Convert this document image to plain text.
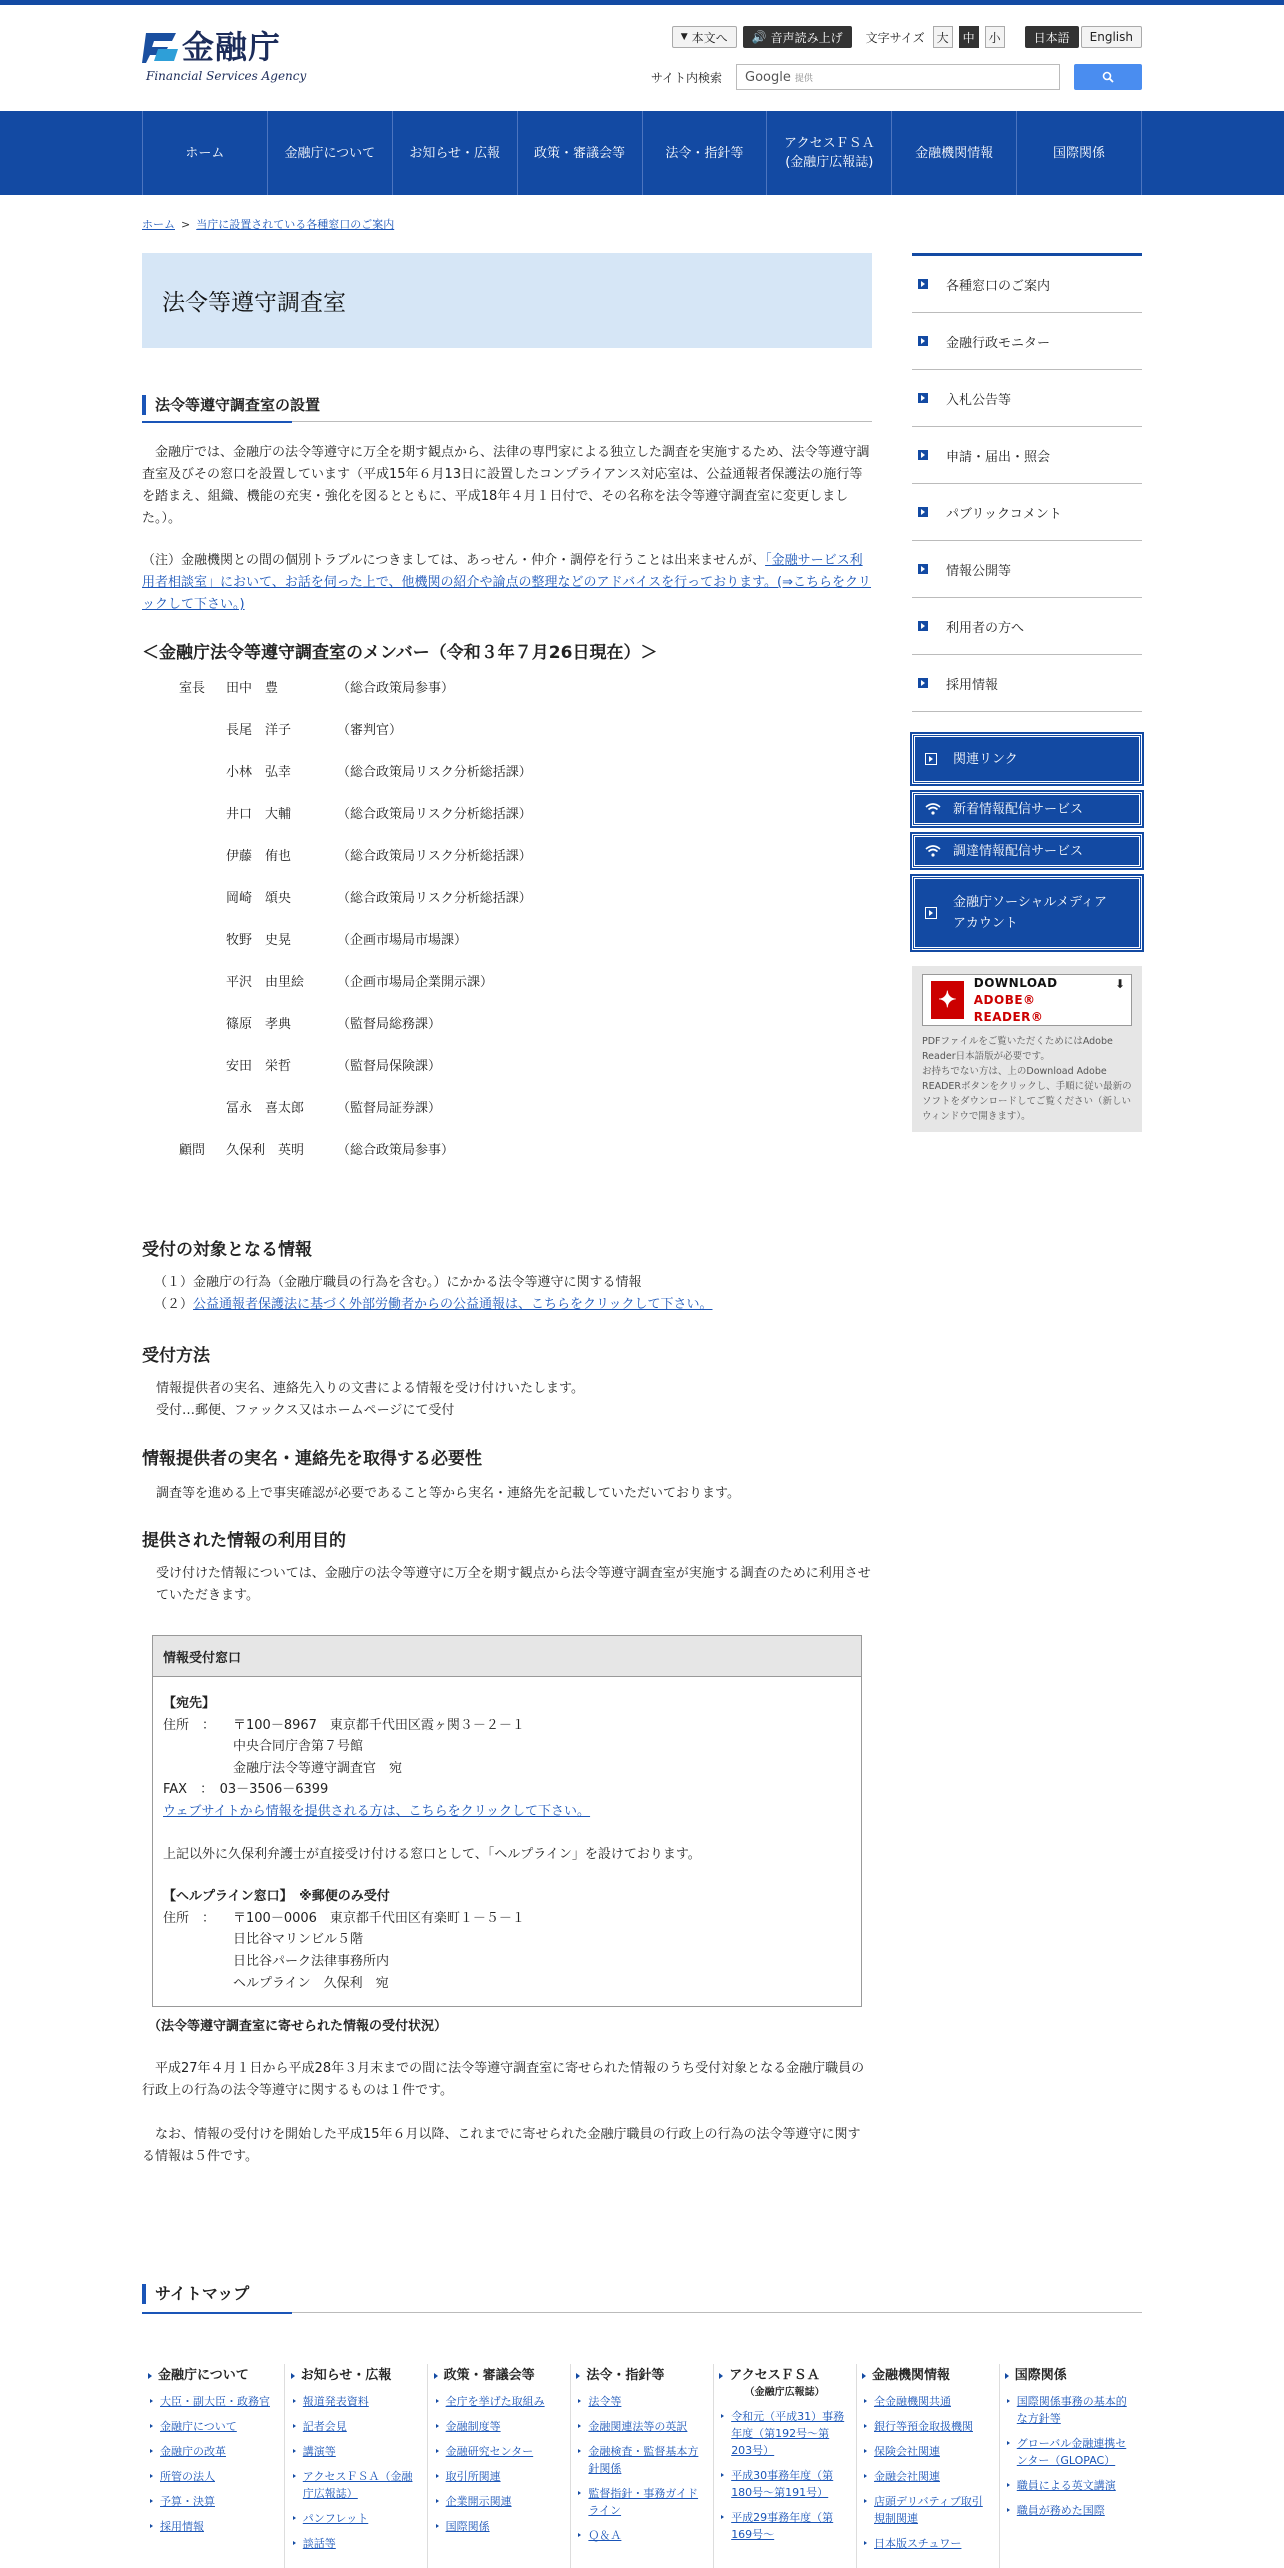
金融庁
Financial Services Agency
▼ 本文へ 🔊 音声読み上げ 文字サイズ 大	中	小	日本語	English
サイト内検索 Google 提供
ホーム	金融庁について	お知らせ・広報	政策・審議会等	法令・指針等
アクセスＦＳＡ
(金融庁広報誌)
金融機関情報	国際関係
ホーム > 当庁に設置されている各種窓口のご案内
法令等遵守調査室
法令等遵守調査室の設置

金融庁では、金融庁の法令等遵守に万全を期す観点から、法律の専門家による独立した調査を実施するため、法令等遵守調査室及びその窓口を設置しています（平成15年６月13日に設置したコンプライアンス対応室は、公益通報者保護法の施行等を踏まえ、組織、機能の充実・強化を図るとともに、平成18年４月１日付で、その名称を法令等遵守調査室に変更しました。）。

（注）金融機関との間の個別トラブルにつきましては、あっせん・仲介・調停を行うことは出来ませんが、「金融サービス利用者相談室」において、お話を伺った上で、他機関の紹介や論点の整理などのアドバイスを行っております。(⇒こちらをクリックして下さい。)

＜金融庁法令等遵守調査室のメンバー（令和３年７月26日現在）＞
室長 田中　豊	（総合政策局参事）
長尾　洋子	（審判官）
小林　弘幸	（総合政策局リスク分析総括課）
井口　大輔	（総合政策局リスク分析総括課）
伊藤　侑也	（総合政策局リスク分析総括課）
岡崎　頌央	（総合政策局リスク分析総括課）
牧野　史晃	（企画市場局市場課）
平沢　由里絵	（企画市場局企業開示課）
篠原　孝典	（監督局総務課）
安田　栄哲	（監督局保険課）
冨永　喜太郎	（監督局証券課）
顧問 久保利　英明	（総合政策局参事）
受付の対象となる情報
（１）金融庁の行為（金融庁職員の行為を含む。）にかかる法令等遵守に関する情報
（２）公益通報者保護法に基づく外部労働者からの公益通報は、こちらをクリックして下さい。
受付方法
情報提供者の実名、連絡先入りの文書による情報を受け付けいたします。
受付…郵便、ファックス又はホームページにて受付
情報提供者の実名・連絡先を取得する必要性
調査等を進める上で事実確認が必要であること等から実名・連絡先を記載していただいております。
提供された情報の利用目的
受け付けた情報については、金融庁の法令等遵守に万全を期す観点から法令等遵守調査室が実施する調査のために利用させていただきます。
情報受付窓口
【宛先】
住所　：	〒100－8967　東京都千代田区霞ヶ関３－２－１
中央合同庁舎第７号館
金融庁法令等遵守調査官　宛
FAX　：　03－3506－6399
ウェブサイトから情報を提供される方は、こちらをクリックして下さい。
上記以外に久保利弁護士が直接受け付ける窓口として、「ヘルプライン」を設けております。
【ヘルプライン窓口】　※郵便のみ受付
住所　：	〒100－0006　東京都千代田区有楽町１－５－１
日比谷マリンビル５階
日比谷パーク法律事務所内
ヘルプライン　久保利　宛
（法令等遵守調査室に寄せられた情報の受付状況）

平成27年４月１日から平成28年３月末までの間に法令等遵守調査室に寄せられた情報のうち受付対象となる金融庁職員の行政上の行為の法令等遵守に関するものは１件です。

なお、情報の受付けを開始した平成15年６月以降、これまでに寄せられた金融庁職員の行政上の行為の法令等遵守に関する情報は５件です。

各種窓口のご案内
金融行政モニター
入札公告等
申請・届出・照会
パブリックコメント
情報公開等
利用者の方へ
採用情報
関連リンク
新着情報配信サービス
調達情報配信サービス
金融庁ソーシャルメディア
アカウント
✦
DOWNLOAD
ADOBE® READER®
⬇

PDFファイルをご覧いただくためにはAdobe Reader日本語版が必要です。
お持ちでない方は、上のDownload Adobe READERボタンをクリックし、手順に従い最新のソフトをダウンロードしてご覧ください（新しいウィンドウで開きます）。

サイトマップ
金融庁について
大臣・副大臣・政務官
金融庁について
金融庁の改革
所管の法人
予算・決算
採用情報
お知らせ・広報
報道発表資料
記者会見
講演等
アクセスＦＳＡ（金融庁広報誌）
パンフレット
談話等
政策・審議会等
全庁を挙げた取組み
金融制度等
金融研究センター
取引所関連
企業開示関連
国際関係
法令・指針等
法令等
金融関連法等の英訳
金融検査・監督基本方針関係
監督指針・事務ガイドライン
Ｑ＆Ａ
アクセスＦＳＡ
（金融庁広報誌）
令和元（平成31）事務年度（第192号～第203号）
平成30事務年度（第180号～第191号）
平成29事務年度（第169号～
金融機関情報
全金融機関共通
銀行等預金取扱機関
保険会社関連
金融会社関連
店頭デリバティブ取引規制関連
日本版スチュワー
国際関係
国際関係事務の基本的な方針等
グローバル金融連携センター（GLOPAC）
職員による英文講演
職員が務めた国際
